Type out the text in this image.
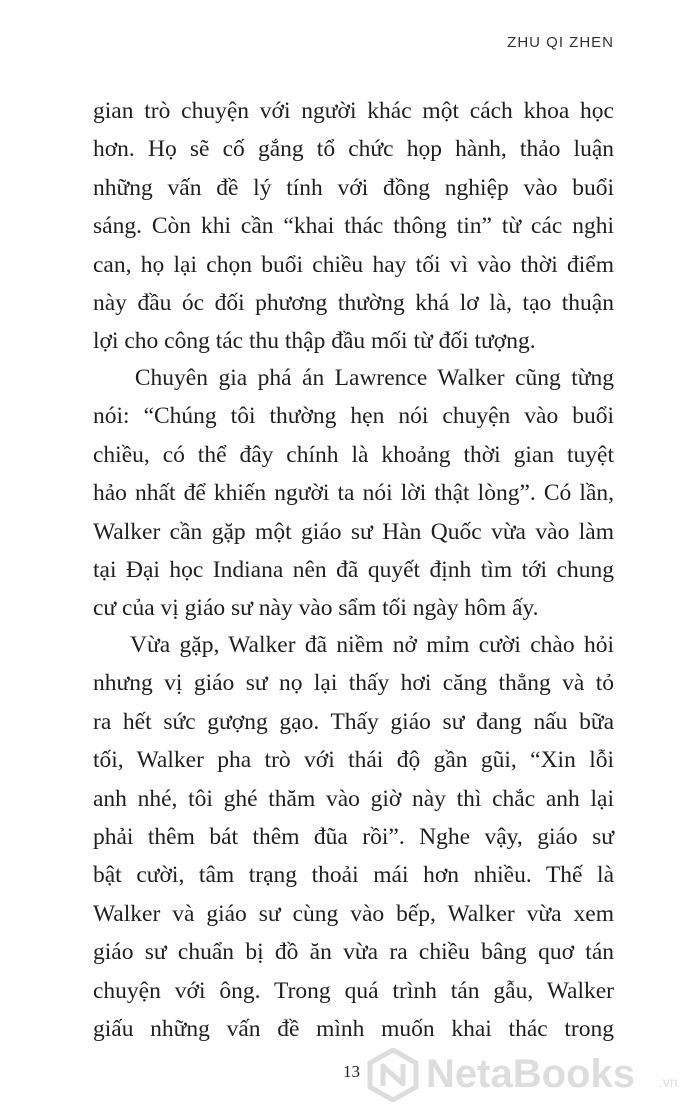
ZHU QI ZHEN

gian trò chuyện với người khác một cách khoa học
hơn. Họ sẽ cố gắng tổ chức họp hành, thảo luận
những vấn đề lý tính với đồng nghiệp vào buổi
sáng. Còn khi cần “khai thác thông tin” từ các nghi
can, họ lại chọn buổi chiều hay tối vì vào thời điểm
này đầu óc đối phương thường khá lơ là, tạo thuận
lợi cho công tác thu thập đầu mối từ đối tượng.

Chuyên gia phá án Lawrence Walker cũng từng
nói: “Chúng tôi thường hẹn nói chuyện vào buổi
chiều, có thể đây chính là khoảng thời gian tuyệt
hảo nhất để khiến người ta nói lời thật lòng”. Có lần,
Walker cần gặp một giáo sư Hàn Quốc vừa vào làm
tại Đại học Indiana nên đã quyết định tìm tới chung
cư của vị giáo sư này vào sẩm tối ngày hôm ấy.

Vừa gặp, Walker đã niềm nở mỉm cười chào hỏi
nhưng vị giáo sư nọ lại thấy hơi căng thẳng và tỏ
ra hết sức gượng gạo. Thấy giáo sư đang nấu bữa
tối, Walker pha trò với thái độ gần gũi, “Xin lỗi
anh nhé, tôi ghé thăm vào giờ này thì chắc anh lại
phải thêm bát thêm đũa rồi”. Nghe vậy, giáo sư
bật cười, tâm trạng thoải mái hơn nhiều. Thế là
Walker và giáo sư cùng vào bếp, Walker vừa xem
giáo sư chuẩn bị đồ ăn vừa ra chiều bâng quơ tán
chuyện với ông. Trong quá trình tán gẫu, Walker
giấu những vấn đề mình muốn khai thác trong

13 NetaBooks .vn
